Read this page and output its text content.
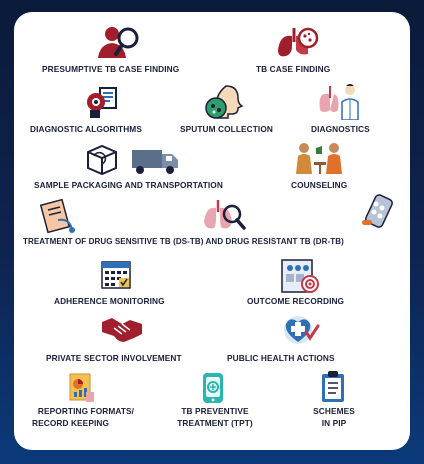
PRESUMPTIVE TB CASE FINDING	TB CASE FINDING
DIAGNOSTIC ALGORITHMS	SPUTUM COLLECTION	DIAGNOSTICS
SAMPLE PACKAGING AND TRANSPORTATION	COUNSELING
TREATMENT OF DRUG SENSITIVE TB (DS-TB) AND DRUG RESISTANT TB (DR-TB)
ADHERENCE MONITORING	OUTCOME RECORDING
PRIVATE SECTOR INVOLVEMENT	PUBLIC HEALTH ACTIONS
REPORTING FORMATS/
RECORD KEEPING
TB PREVENTIVE
TREATMENT (TPT)
SCHEMES
IN PIP
